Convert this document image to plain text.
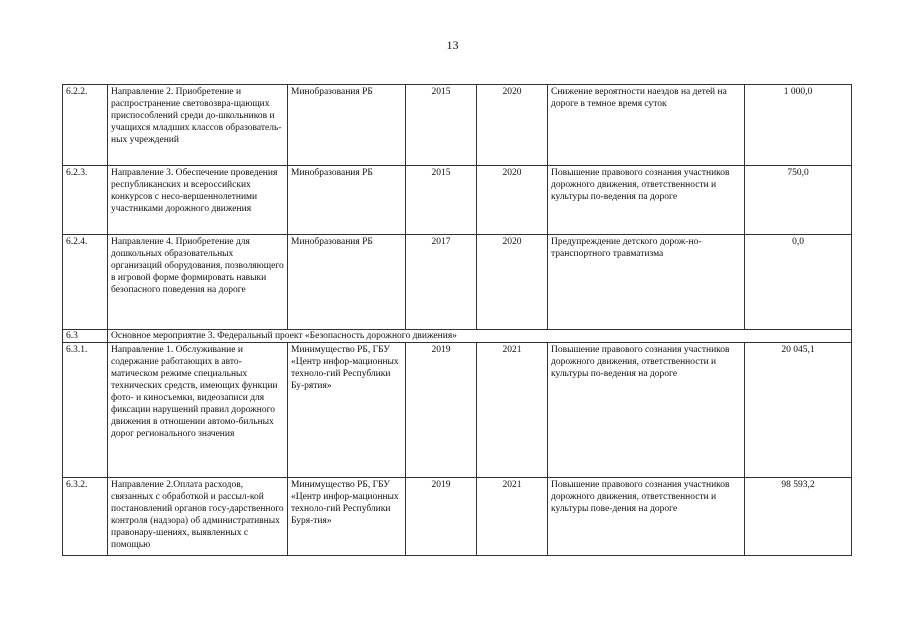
13
6.2.2.	Направление 2. Приобретение и распространение световозвра-щающих приспособлений среди до-школьников и учащихся младших классов образователь-ных учреждений	Минобразования РБ	2015	2020	Снижение вероятности наездов на детей на дороге в темное время суток	1 000,0
6.2.3.	Направление 3. Обеспечение проведения республиканских и всероссийских конкурсов с несо-вершеннолетними участниками дорожного движения	Минобразования РБ	2015	2020	Повышение правового сознания участников дорожного движения, ответственности и культуры по-ведения па дороге	750,0
6.2.4.	Направление 4. Приобретение для дошкольных образовательных организаций оборудования, позволяющего в игровой форме формировать навыки безопасного поведения на дороге	Минобразования РБ	2017	2020	Предупреждение детского дорож-но-транспортного травматизма	0,0
6.3	Основное мероприятие 3. Федеральный проект «Безопасность дорожного движения»					
6.3.1.	Направление 1. Обслуживание и содержание работающих в авто-матическом режиме специальных технических средств, имеющих функции фото- и киносъемки, видеозаписи для фиксации нарушений правил дорожного движения в отношении автомо-бильных дорог регионального значения	Минимущество РБ, ГБУ «Центр инфор-мационных техноло-гий Республики Бу-рятия»	2019	2021	Повышение правового сознания участников дорожного движения, ответственности и культуры по-ведения на дороге	20 045,1
6.3.2.	Направление 2.Оплата расходов, связанных с обработкой и рассыл-кой постановлений органов госу-дарственного контроля (надзора) об административных правонару-шениях, выявленных с помощью	Минимущество РБ, ГБУ «Центр инфор-мационных техноло-гий Республики Буря-тия»	2019	2021	Повышение правового сознания участников дорожного движения, ответственности и культуры пове-дения на дороге	98 593,2
